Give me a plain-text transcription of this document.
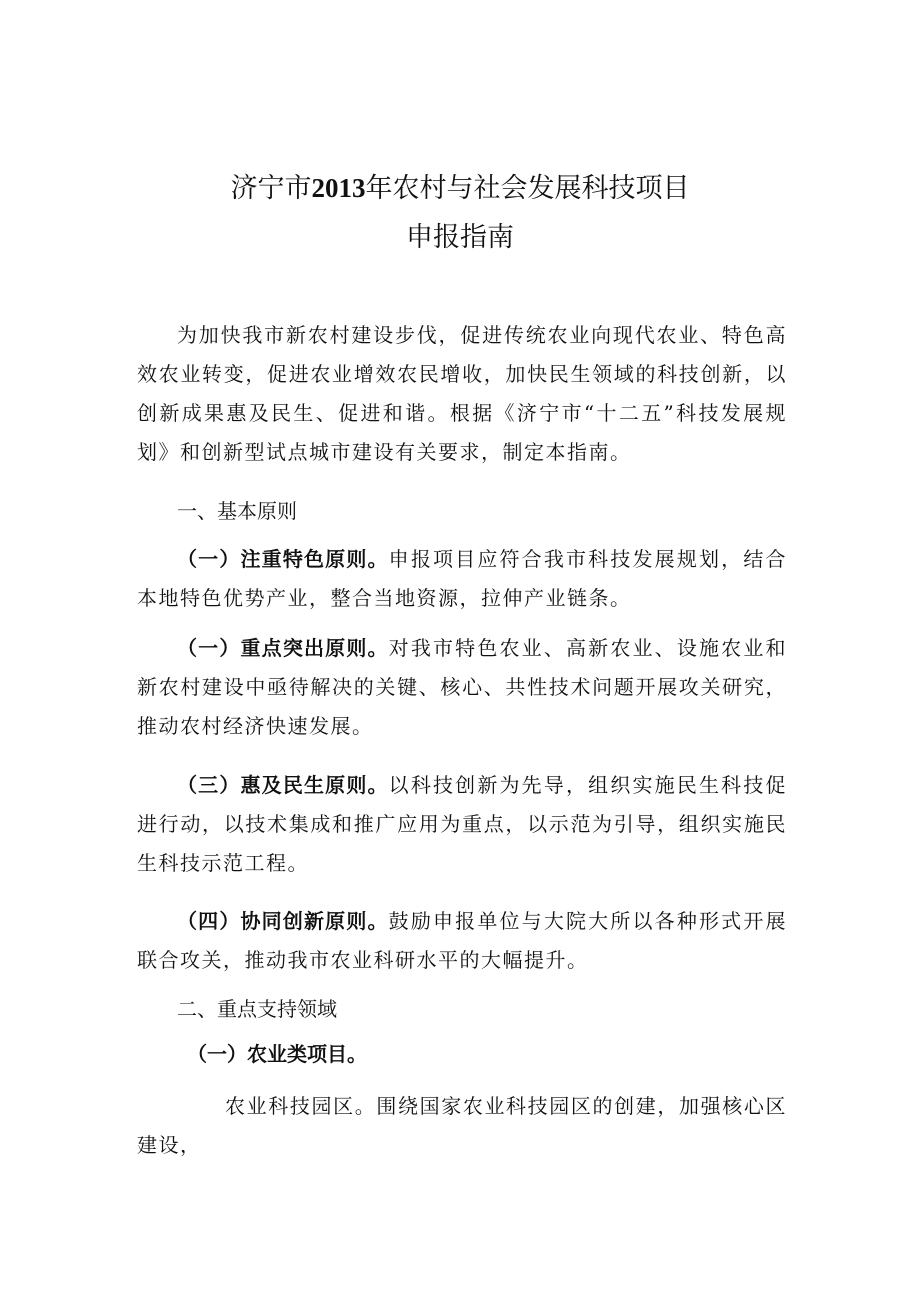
济宁市2013年农村与社会发展科技项目
申报指南

为加快我市新农村建设步伐，促进传统农业向现代农业、特色高效农业转变，促进农业增效农民增收，加快民生领域的科技创新，以创新成果惠及民生、促进和谐。根据《济宁市“十二五”科技发展规划》和创新型试点城市建设有关要求，制定本指南。

一、基本原则

（一）注重特色原则。申报项目应符合我市科技发展规划，结合本地特色优势产业，整合当地资源，拉伸产业链条。

（一）重点突出原则。对我市特色农业、高新农业、设施农业和新农村建设中亟待解决的关键、核心、共性技术问题开展攻关研究，推动农村经济快速发展。

（三）惠及民生原则。以科技创新为先导，组织实施民生科技促进行动，以技术集成和推广应用为重点，以示范为引导，组织实施民生科技示范工程。

（四）协同创新原则。鼓励申报单位与大院大所以各种形式开展联合攻关，推动我市农业科研水平的大幅提升。

二、重点支持领域
（一）农业类项目。

农业科技园区。围绕国家农业科技园区的创建，加强核心区建设，
